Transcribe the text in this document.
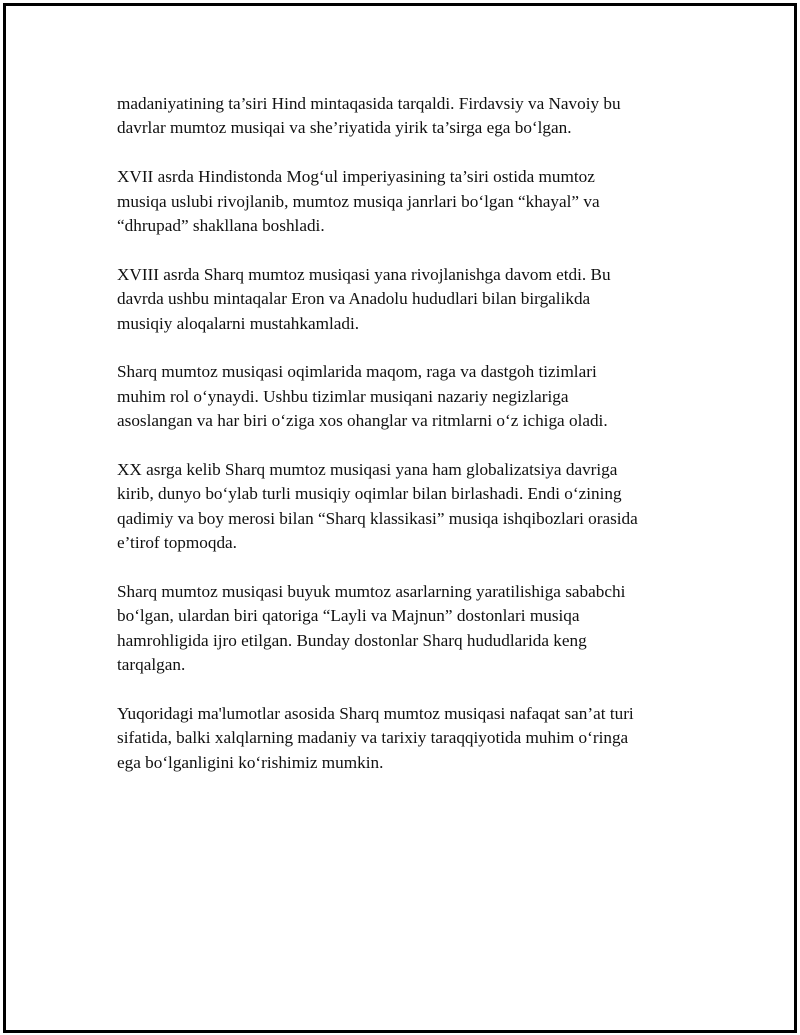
madaniyatining ta’siri Hind mintaqasida tarqaldi. Firdavsiy va Navoiy bu
davrlar mumtoz musiqai va she’riyatida yirik ta’sirga ega bo‘lgan.

XVII asrda Hindistonda Mog‘ul imperiyasining ta’siri ostida mumtoz
musiqa uslubi rivojlanib, mumtoz musiqa janrlari bo‘lgan “khayal” va
“dhrupad” shakllana boshladi.

XVIII asrda Sharq mumtoz musiqasi yana rivojlanishga davom etdi. Bu
davrda ushbu mintaqalar Eron va Anadolu hududlari bilan birgalikda
musiqiy aloqalarni mustahkamladi.

Sharq mumtoz musiqasi oqimlarida maqom, raga va dastgoh tizimlari
muhim rol o‘ynaydi. Ushbu tizimlar musiqani nazariy negizlariga
asoslangan va har biri o‘ziga xos ohanglar va ritmlarni o‘z ichiga oladi.

XX asrga kelib Sharq mumtoz musiqasi yana ham globalizatsiya davriga
kirib, dunyo bo‘ylab turli musiqiy oqimlar bilan birlashadi. Endi o‘zining
qadimiy va boy merosi bilan “Sharq klassikasi” musiqa ishqibozlari orasida
e’tirof topmoqda.

Sharq mumtoz musiqasi buyuk mumtoz asarlarning yaratilishiga sababchi
bo‘lgan, ulardan biri qatoriga “Layli va Majnun” dostonlari musiqa
hamrohligida ijro etilgan. Bunday dostonlar Sharq hududlarida keng
tarqalgan.

Yuqoridagi ma'lumotlar asosida Sharq mumtoz musiqasi nafaqat san’at turi
sifatida, balki xalqlarning madaniy va tarixiy taraqqiyotida muhim o‘ringa
ega bo‘lganligini ko‘rishimiz mumkin.
